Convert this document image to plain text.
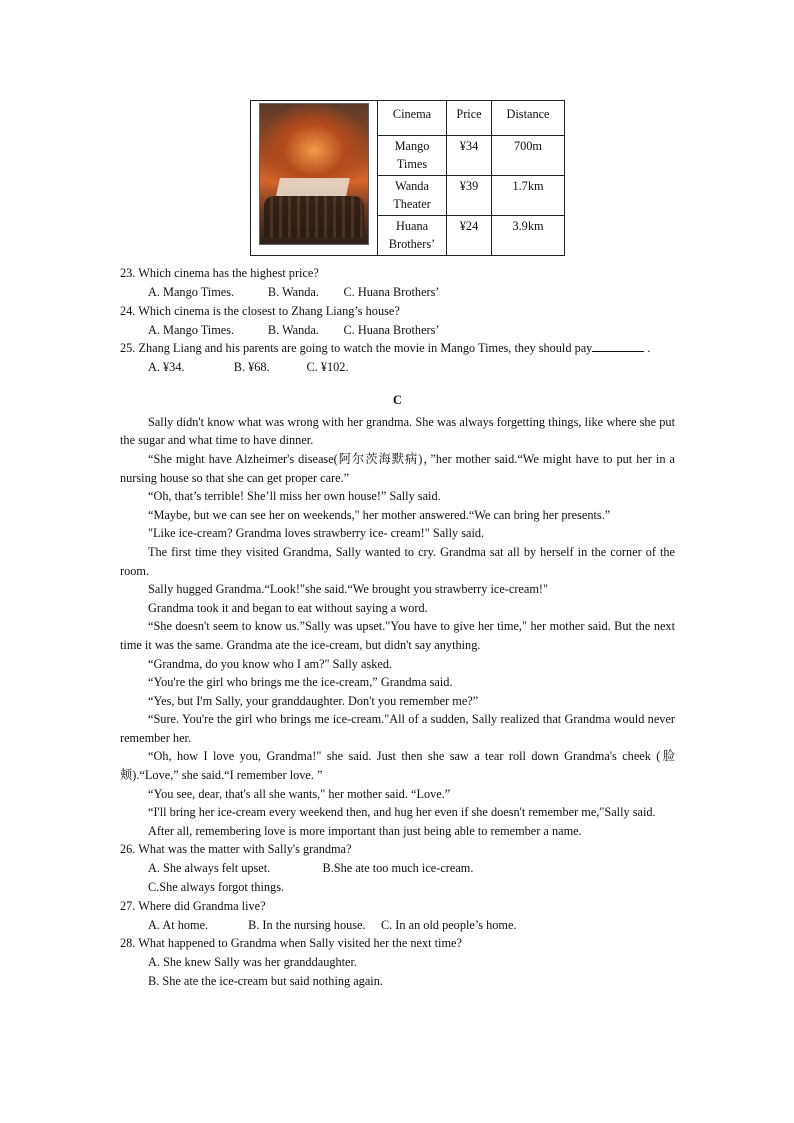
	Cinema	Price	Distance
	Mango Times	¥34	700m
	Wanda Theater	¥39	1.7km
	Huana Brothers’	¥24	3.9km

23. Which cinema has the highest price?

A. Mango Times.           B. Wanda.        C. Huana Brothers’

24. Which cinema is the closest to Zhang Liang’s house?

A. Mango Times.           B. Wanda.        C. Huana Brothers’

25. Zhang Liang and his parents are going to watch the movie in Mango Times, they should pay	.

A. ¥34.                B. ¥68.            C. ¥102.

C

Sally didn't know what was wrong with her grandma. She was always forgetting things, like where she put the sugar and what time to have dinner.

“She might have Alzheimer's disease(阿尔茨海默病)，”her mother said.“We might have to put her in a nursing house so that she can get proper care.”

“Oh, that’s terrible! She’ll miss her own house!” Sally said.

“Maybe, but we can see her on weekends," her mother answered.“We can bring her presents.”

"Like ice-cream? Grandma loves strawberry ice- cream!" Sally said.

The first time they visited Grandma, Sally wanted to cry. Grandma sat all by herself in the corner of the room.

Sally hugged Grandma.“Look!"she said.“We brought you strawberry ice-cream!"

Grandma took it and began to eat without saying a word.

“She doesn't seem to know us.”Sally was upset."You have to give her time," her mother said. But the next time it was the same. Grandma ate the ice-cream, but didn't say anything.

“Grandma, do you know who I am?" Sally asked.

“You're the girl who brings me the ice-cream,” Grandma said.

“Yes, but I'm Sally, your granddaughter. Don't you remember me?”

“Sure. You're the girl who brings me ice-cream."All of a sudden, Sally realized that Grandma would never remember her.

“Oh, how I love you, Grandma!" she said. Just then she saw a tear roll down Grandma's cheek (脸颊).“Love,” she said.“I remember love. ”

“You see, dear, that's all she wants," her mother said. “Love.”

“I'll bring her ice-cream every weekend then, and hug her even if she doesn't remember me,"Sally said.

After all, remembering love is more important than just being able to remember a name.

26. What was the matter with Sally's grandma?

A. She always felt upset.                 B.She ate too much ice-cream.

C.She always forgot things.

27. Where did Grandma live?

A. At home.             B. In the nursing house.     C. In an old people’s home.

28. What happened to Grandma when Sally visited her the next time?

A. She knew Sally was her granddaughter.

B. She ate the ice-cream but said nothing again.
